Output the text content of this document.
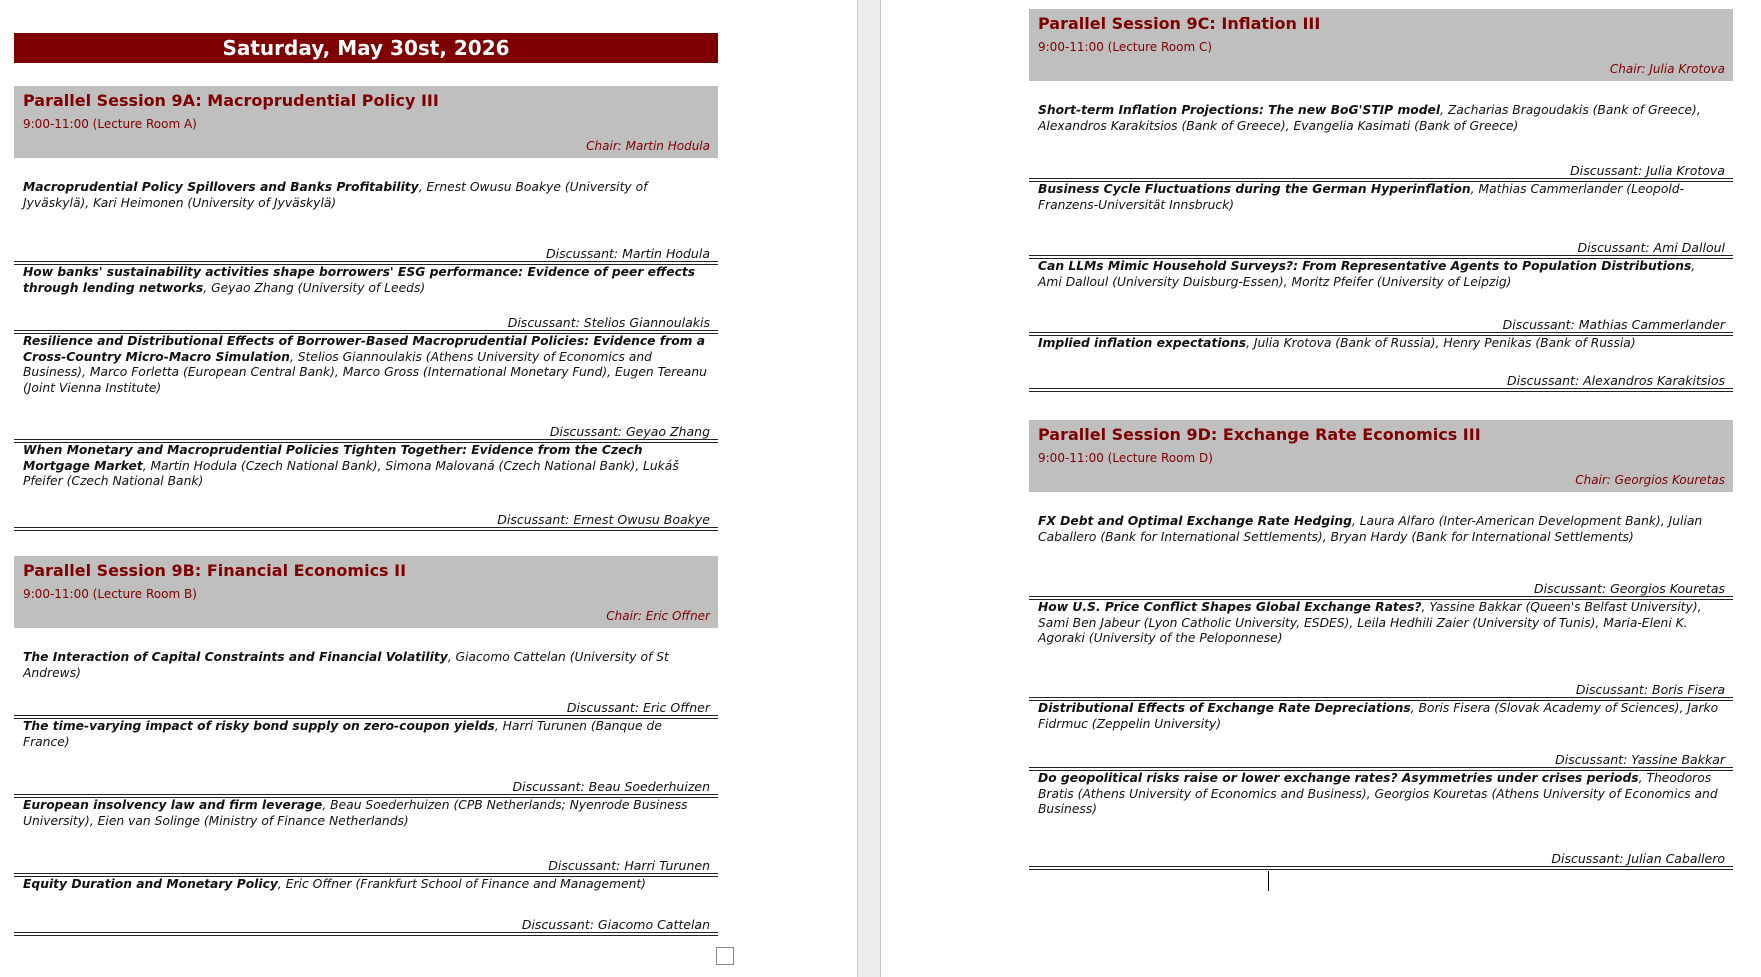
Saturday, May 30st, 2026
Parallel Session 9A: Macroprudential Policy III
9:00-11:00 (Lecture Room A)
Chair: Martin Hodula
Macroprudential Policy Spillovers and Banks Profitability, Ernest Owusu Boakye (University of Jyväskylä), Kari Heimonen (University of Jyväskylä)
Discussant: Martin Hodula
How banks' sustainability activities shape borrowers' ESG performance: Evidence of peer effects through lending networks, Geyao Zhang (University of Leeds)
Discussant: Stelios Giannoulakis
Resilience and Distributional Effects of Borrower-Based Macroprudential Policies: Evidence from a Cross-Country Micro-Macro Simulation, Stelios Giannoulakis (Athens University of Economics and Business), Marco Forletta (European Central Bank), Marco Gross (International Monetary Fund), Eugen Tereanu (Joint Vienna Institute)
Discussant: Geyao Zhang
When Monetary and Macroprudential Policies Tighten Together: Evidence from the Czech Mortgage Market, Martin Hodula (Czech National Bank), Simona Malovaná (Czech National Bank), Lukáš Pfeifer (Czech National Bank)
Discussant: Ernest Owusu Boakye
Parallel Session 9B: Financial Economics II
9:00-11:00 (Lecture Room B)
Chair: Eric Offner
The Interaction of Capital Constraints and Financial Volatility, Giacomo Cattelan (University of St Andrews)
Discussant: Eric Offner
The time-varying impact of risky bond supply on zero-coupon yields, Harri Turunen (Banque de France)
Discussant: Beau Soederhuizen
European insolvency law and firm leverage, Beau Soederhuizen (CPB Netherlands; Nyenrode Business University), Eien van Solinge (Ministry of Finance Netherlands)
Discussant: Harri Turunen
Equity Duration and Monetary Policy, Eric Offner (Frankfurt School of Finance and Management)
Discussant: Giacomo Cattelan
Parallel Session 9C: Inflation III
9:00-11:00 (Lecture Room C)
Chair: Julia Krotova
Short-term Inflation Projections: The new BoG'STIP model, Zacharias Bragoudakis (Bank of Greece), Alexandros Karakitsios (Bank of Greece), Evangelia Kasimati (Bank of Greece)
Discussant: Julia Krotova
Business Cycle Fluctuations during the German Hyperinflation, Mathias Cammerlander (Leopold-Franzens-Universität Innsbruck)
Discussant: Ami Dalloul
Can LLMs Mimic Household Surveys?: From Representative Agents to Population Distributions, Ami Dalloul (University Duisburg-Essen), Moritz Pfeifer (University of Leipzig)
Discussant: Mathias Cammerlander
Implied inflation expectations, Julia Krotova (Bank of Russia), Henry Penikas (Bank of Russia)
Discussant: Alexandros Karakitsios
Parallel Session 9D: Exchange Rate Economics III
9:00-11:00 (Lecture Room D)
Chair: Georgios Kouretas
FX Debt and Optimal Exchange Rate Hedging, Laura Alfaro (Inter-American Development Bank), Julian Caballero (Bank for International Settlements), Bryan Hardy (Bank for International Settlements)
Discussant: Georgios Kouretas
How U.S. Price Conflict Shapes Global Exchange Rates?, Yassine Bakkar (Queen's Belfast University), Sami Ben Jabeur (Lyon Catholic University, ESDES), Leila Hedhili Zaier (University of Tunis), Maria-Eleni K. Agoraki (University of the Peloponnese)
Discussant: Boris Fisera
Distributional Effects of Exchange Rate Depreciations, Boris Fisera (Slovak Academy of Sciences), Jarko Fidrmuc (Zeppelin University)
Discussant: Yassine Bakkar
Do geopolitical risks raise or lower exchange rates? Asymmetries under crises periods, Theodoros Bratis (Athens University of Economics and Business), Georgios Kouretas (Athens University of Economics and Business)
Discussant: Julian Caballero
